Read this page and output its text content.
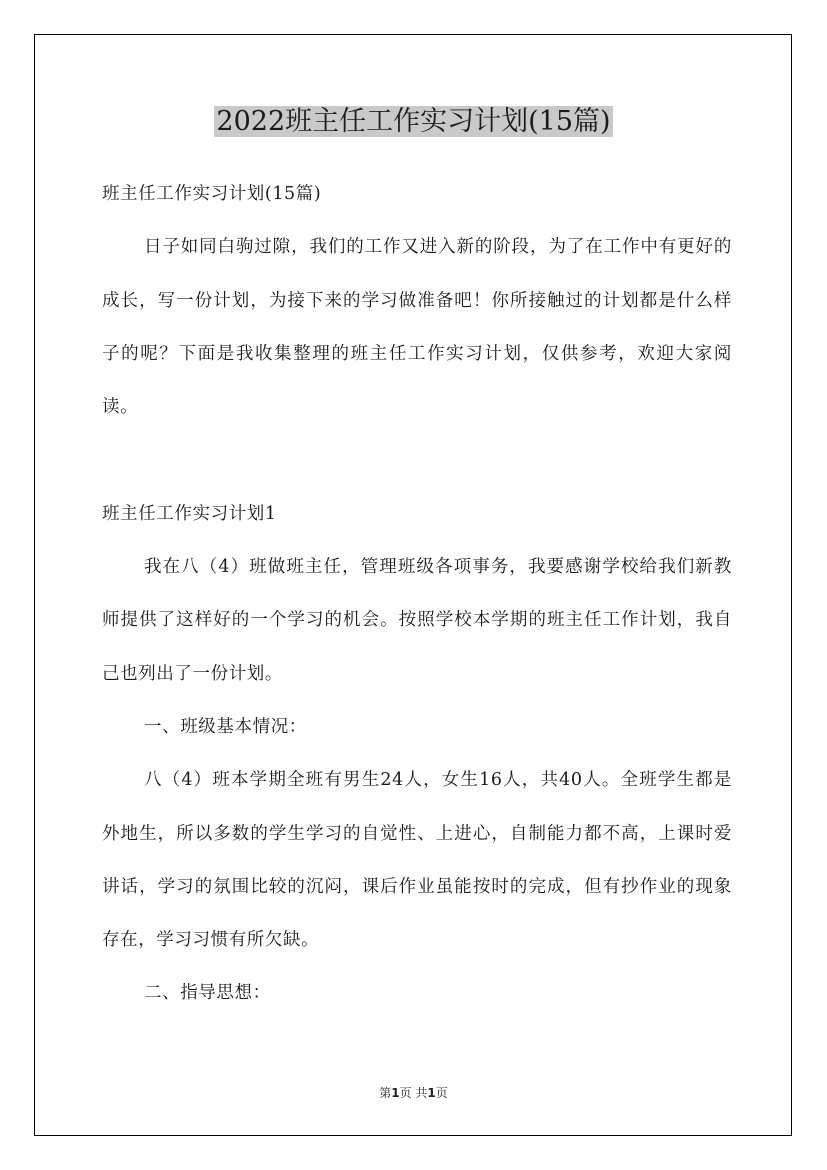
2022班主任工作实习计划(15篇)

班主任工作实习计划(15篇)

日子如同白驹过隙，我们的工作又进入新的阶段，为了在工作中有更好的成长，写一份计划，为接下来的学习做准备吧！你所接触过的计划都是什么样子的呢？下面是我收集整理的班主任工作实习计划，仅供参考，欢迎大家阅读。

班主任工作实习计划1

我在八（4）班做班主任，管理班级各项事务，我要感谢学校给我们新教师提供了这样好的一个学习的机会。按照学校本学期的班主任工作计划，我自己也列出了一份计划。

一、班级基本情况：

八（4）班本学期全班有男生24人，女生16人，共40人。全班学生都是外地生，所以多数的学生学习的自觉性、上进心，自制能力都不高，上课时爱讲话，学习的氛围比较的沉闷，课后作业虽能按时的完成，但有抄作业的现象存在，学习习惯有所欠缺。

二、指导思想：

第1页 共1页
